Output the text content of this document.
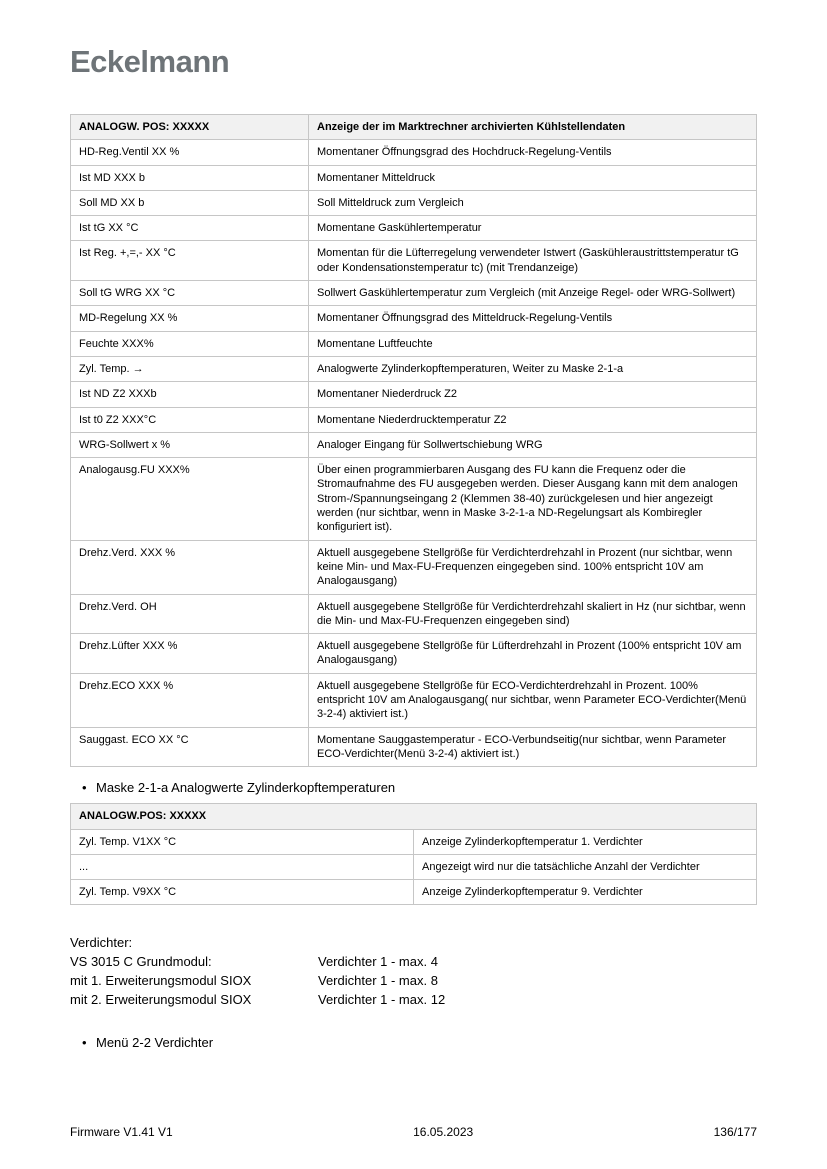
Eckelmann
ANALOGW. POS: XXXXX	Anzeige der im Marktrechner archivierten Kühlstellendaten
HD-Reg.Ventil XX %	Momentaner Öffnungsgrad des Hochdruck-Regelung-Ventils
Ist MD XXX b	Momentaner Mitteldruck
Soll MD XX b	Soll Mitteldruck zum Vergleich
Ist tG XX °C	Momentane Gaskühlertemperatur
Ist Reg. +,=,- XX °C	Momentan für die Lüfterregelung verwendeter Istwert (Gaskühleraustrittstemperatur tG oder Kondensationstemperatur tc) (mit Trendanzeige)
Soll tG WRG XX °C	Sollwert Gaskühlertemperatur zum Vergleich (mit Anzeige Regel- oder WRG-Sollwert)
MD-Regelung XX %	Momentaner Öffnungsgrad des Mitteldruck-Regelung-Ventils
Feuchte XXX%	Momentane Luftfeuchte
Zyl. Temp. →	Analogwerte Zylinderkopftemperaturen, Weiter zu Maske 2-1-a
Ist ND Z2 XXXb	Momentaner Niederdruck Z2
Ist t0 Z2 XXX°C	Momentane Niederdrucktemperatur Z2
WRG-Sollwert x %	Analoger Eingang für Sollwertschiebung WRG
Analogausg.FU XXX%	Über einen programmierbaren Ausgang des FU kann die Frequenz oder die Stromaufnahme des FU ausgegeben werden. Dieser Ausgang kann mit dem analogen Strom-/Spannungseingang 2 (Klemmen 38-40) zurückgelesen und hier angezeigt werden (nur sichtbar, wenn in Maske 3-2-1-a ND-Regelungsart als Kombiregler konfiguriert ist).
Drehz.Verd. XXX %	Aktuell ausgegebene Stellgröße für Verdichterdrehzahl in Prozent (nur sichtbar, wenn keine Min- und Max-FU-Frequenzen eingegeben sind. 100% entspricht 10V am Analogausgang)
Drehz.Verd. OH	Aktuell ausgegebene Stellgröße für Verdichterdrehzahl skaliert in Hz (nur sichtbar, wenn die Min- und Max-FU-Frequenzen eingegeben sind)
Drehz.Lüfter XXX %	Aktuell ausgegebene Stellgröße für Lüfterdrehzahl in Prozent (100% entspricht 10V am Analogausgang)
Drehz.ECO XXX %	Aktuell ausgegebene Stellgröße für ECO-Verdichterdrehzahl in Prozent. 100% entspricht 10V am Analogausgang( nur sichtbar, wenn Parameter ECO-Verdichter(Menü 3-2-4) aktiviert ist.)
Sauggast. ECO XX °C	Momentane Sauggastemperatur - ECO-Verbundseitig(nur sichtbar, wenn Parameter ECO-Verdichter(Menü 3-2-4) aktiviert ist.)
• Maske 2-1-a Analogwerte Zylinderkopftemperaturen
ANALOGW.POS: XXXXX	
Zyl. Temp. V1XX °C	Anzeige Zylinderkopftemperatur 1. Verdichter
...	Angezeigt wird nur die tatsächliche Anzahl der Verdichter
Zyl. Temp. V9XX °C	Anzeige Zylinderkopftemperatur 9. Verdichter
Verdichter:
VS 3015 C Grundmodul:	Verdichter 1 - max. 4
mit 1. Erweiterungsmodul SIOX	Verdichter 1 - max. 8
mit 2. Erweiterungsmodul SIOX	Verdichter 1 - max. 12
• Menü 2-2 Verdichter
Firmware V1.41 V1	16.05.2023	136/177
